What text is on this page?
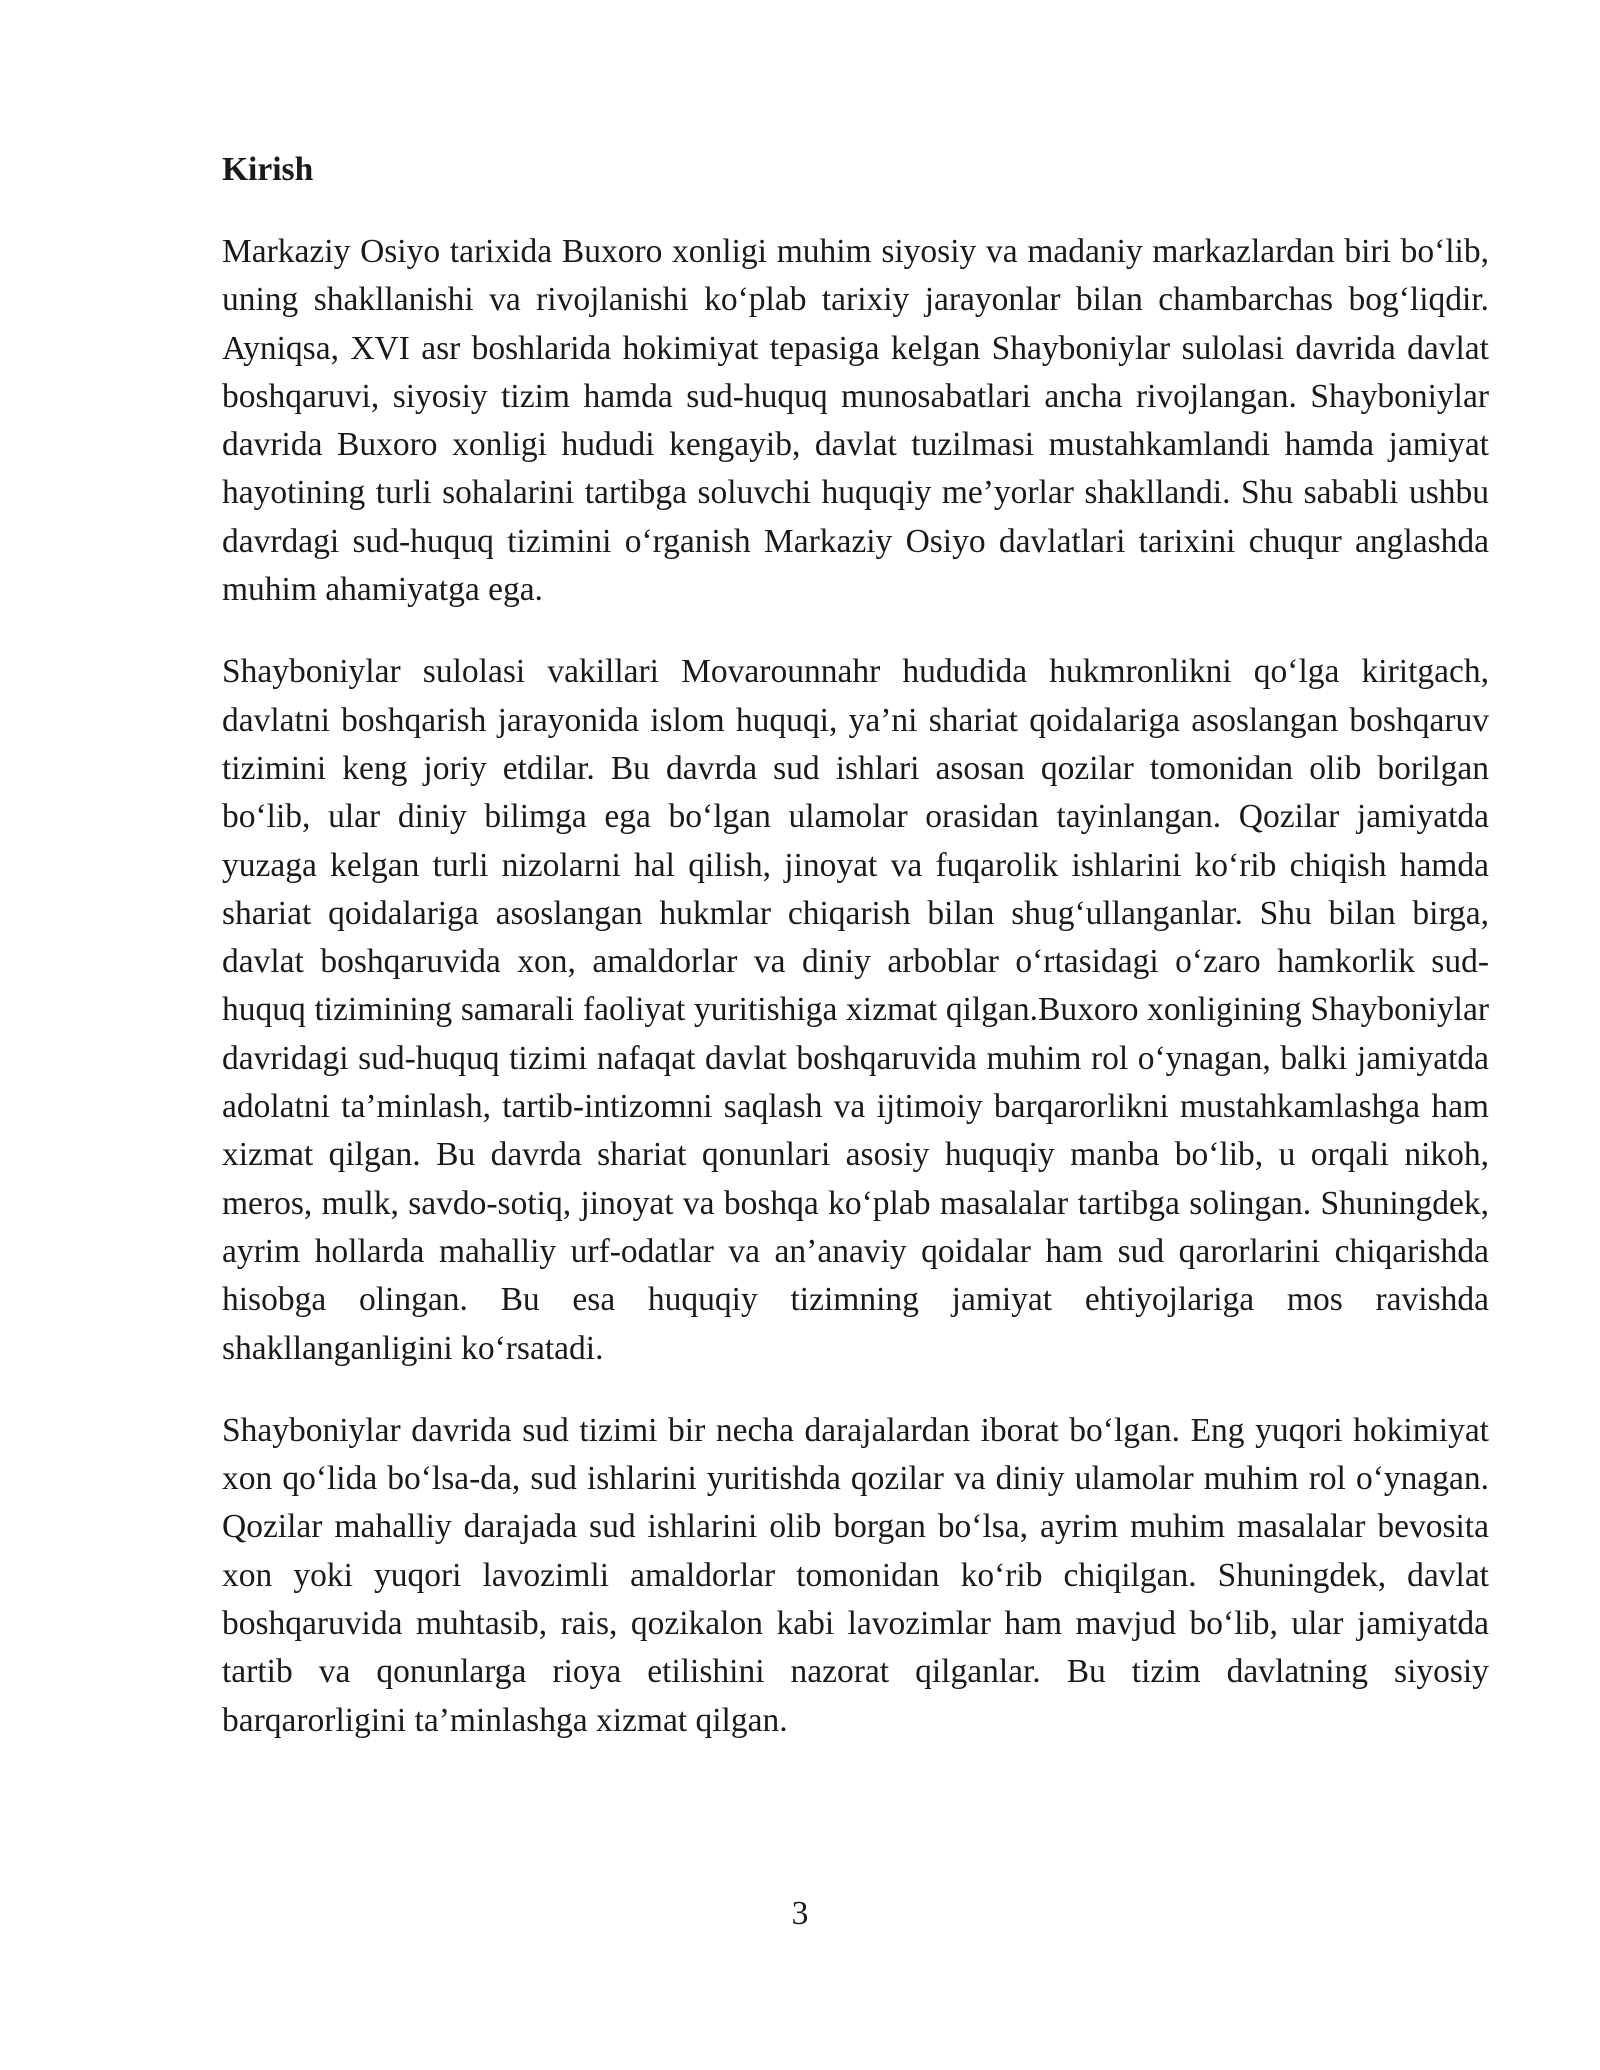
Kirish

Markaziy Osiyo tarixida Buxoro xonligi muhim siyosiy va madaniy markazlardan biri bo‘lib, uning shakllanishi va rivojlanishi ko‘plab tarixiy jarayonlar bilan chambarchas bog‘liqdir. Ayniqsa, XVI asr boshlarida hokimiyat tepasiga kelgan Shayboniylar sulolasi davrida davlat boshqaruvi, siyosiy tizim hamda sud-huquq munosabatlari ancha rivojlangan. Shayboniylar davrida Buxoro xonligi hududi kengayib, davlat tuzilmasi mustahkamlandi hamda jamiyat hayotining turli sohalarini tartibga soluvchi huquqiy me’yorlar shakllandi. Shu sababli ushbu davrdagi sud-huquq tizimini o‘rganish Markaziy Osiyo davlatlari tarixini chuqur anglashda muhim ahamiyatga ega.

Shayboniylar sulolasi vakillari Movarounnahr hududida hukmronlikni qo‘lga kiritgach, davlatni boshqarish jarayonida islom huquqi, ya’ni shariat qoidalariga asoslangan boshqaruv tizimini keng joriy etdilar. Bu davrda sud ishlari asosan qozilar tomonidan olib borilgan bo‘lib, ular diniy bilimga ega bo‘lgan ulamolar orasidan tayinlangan. Qozilar jamiyatda yuzaga kelgan turli nizolarni hal qilish, jinoyat va fuqarolik ishlarini ko‘rib chiqish hamda shariat qoidalariga asoslangan hukmlar chiqarish bilan shug‘ullanganlar. Shu bilan birga, davlat boshqaruvida xon, amaldorlar va diniy arboblar o‘rtasidagi o‘zaro hamkorlik sud-huquq tizimining samarali faoliyat yuritishiga xizmat qilgan.Buxoro xonligining Shayboniylar davridagi sud-huquq tizimi nafaqat davlat boshqaruvida muhim rol o‘ynagan, balki jamiyatda adolatni ta’minlash, tartib-intizomni saqlash va ijtimoiy barqarorlikni mustahkamlashga ham xizmat qilgan. Bu davrda shariat qonunlari asosiy huquqiy manba bo‘lib, u orqali nikoh, meros, mulk, savdo-sotiq, jinoyat va boshqa ko‘plab masalalar tartibga solingan. Shuningdek, ayrim hollarda mahalliy urf-odatlar va an’anaviy qoidalar ham sud qarorlarini chiqarishda hisobga olingan. Bu esa huquqiy tizimning jamiyat ehtiyojlariga mos ravishda shakllanganligini ko‘rsatadi.

Shayboniylar davrida sud tizimi bir necha darajalardan iborat bo‘lgan. Eng yuqori hokimiyat xon qo‘lida bo‘lsa-da, sud ishlarini yuritishda qozilar va diniy ulamolar muhim rol o‘ynagan. Qozilar mahalliy darajada sud ishlarini olib borgan bo‘lsa, ayrim muhim masalalar bevosita xon yoki yuqori lavozimli amaldorlar tomonidan ko‘rib chiqilgan. Shuningdek, davlat boshqaruvida muhtasib, rais, qozikalon kabi lavozimlar ham mavjud bo‘lib, ular jamiyatda tartib va qonunlarga rioya etilishini nazorat qilganlar. Bu tizim davlatning siyosiy barqarorligini ta’minlashga xizmat qilgan.

3
